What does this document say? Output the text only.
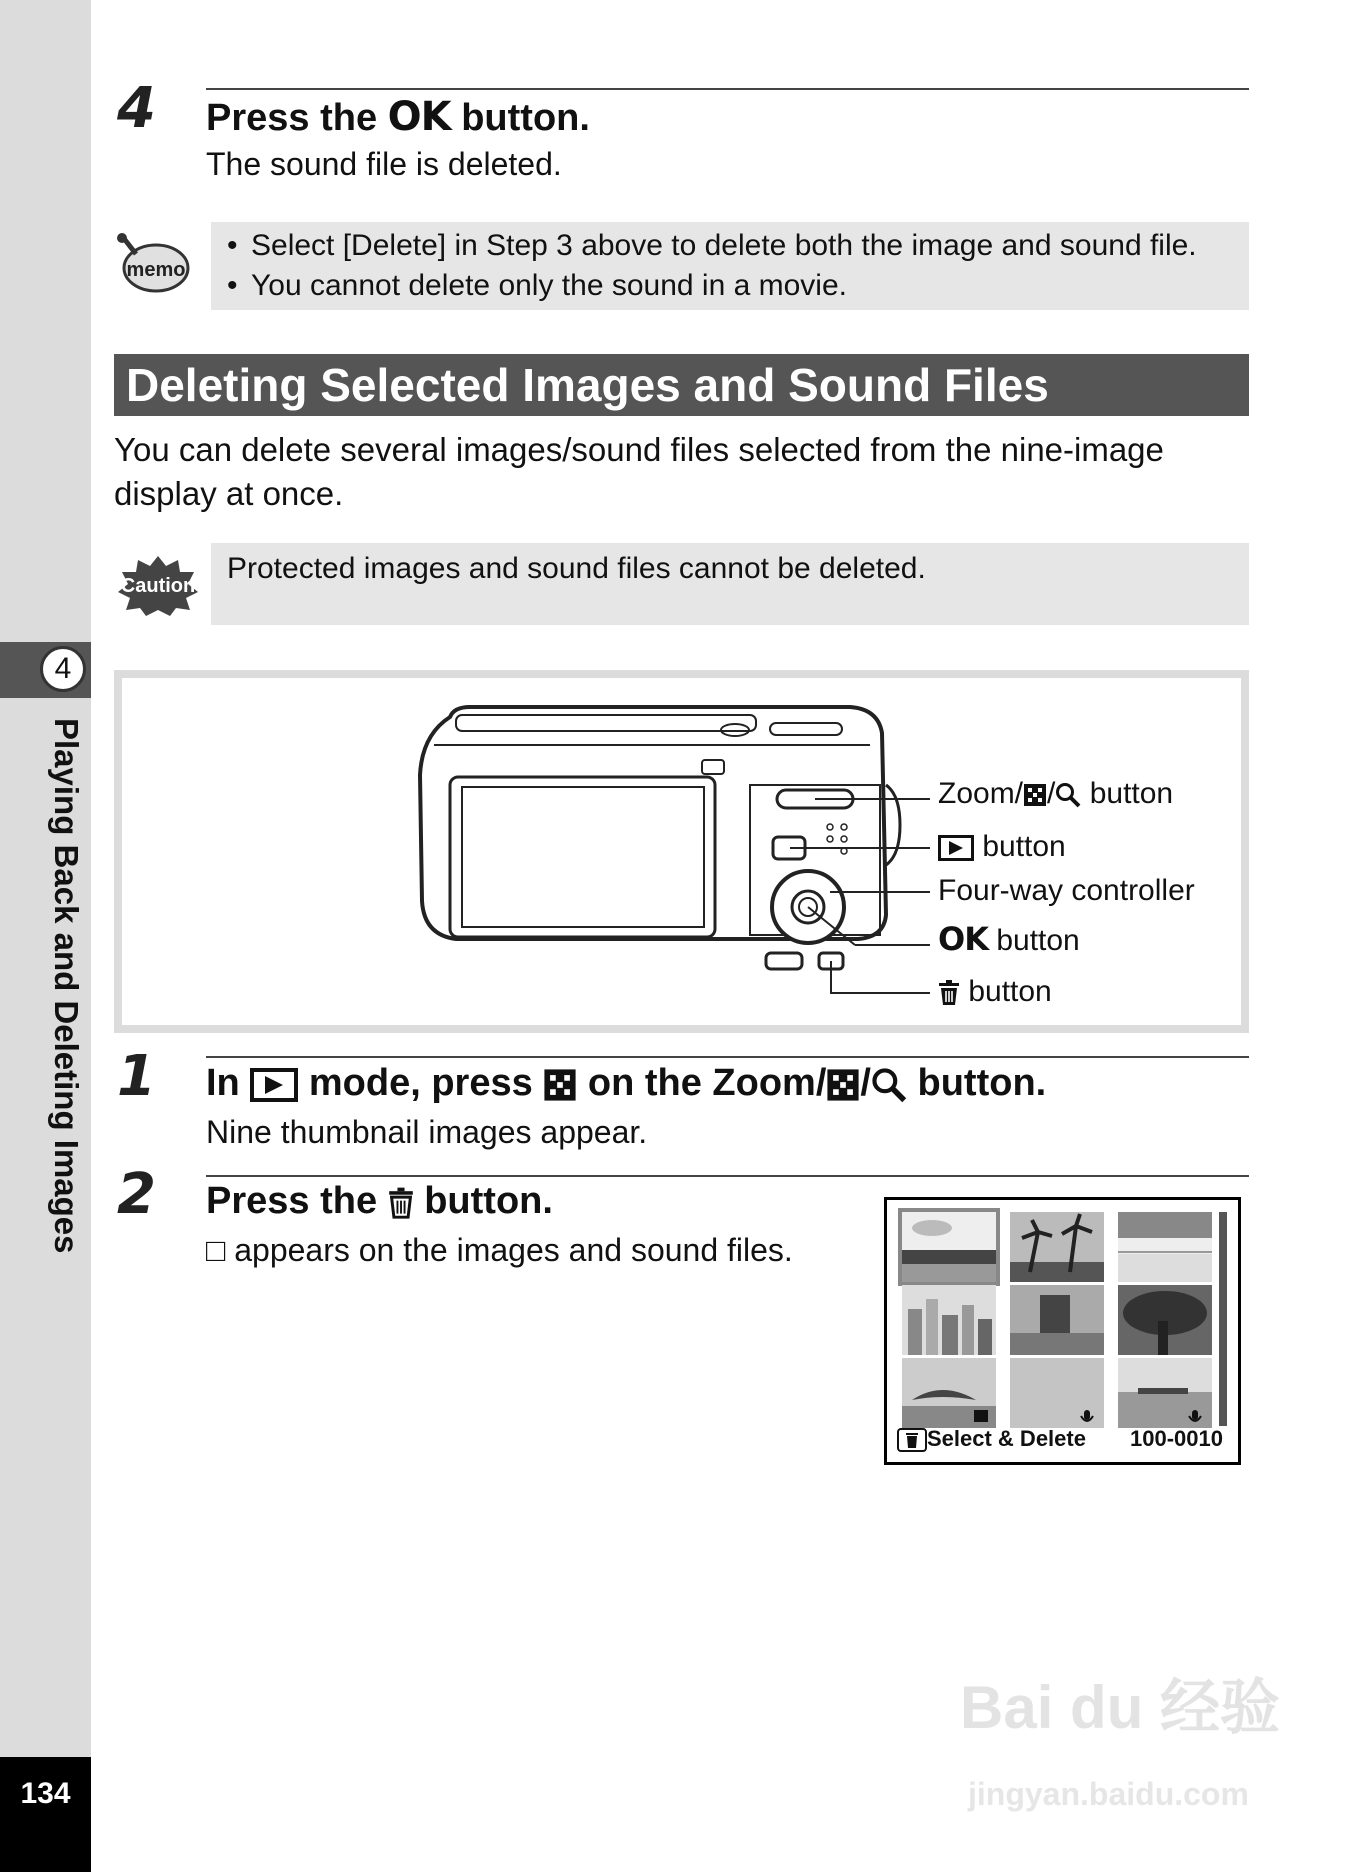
4
Playing Back and Deleting Images
134
4 Press the OK button.
The sound file is deleted.
memo
• Select [Delete] in Step 3 above to delete both the image and sound file.
• You cannot delete only the sound in a movie.
Deleting Selected Images and Sound Files
You can delete several images/sound files selected from the nine-image display at once.
Caution
Protected images and sound files cannot be deleted.
Zoom/ / button
button
Four-way controller
OK button
button
1 In  mode, press  on the Zoom/ / button.
Nine thumbnail images appear.
2 Press the  button.
□ appears on the images and sound files.
Select & Delete 100-0010
Bai du 经验
jingyan.baidu.com
